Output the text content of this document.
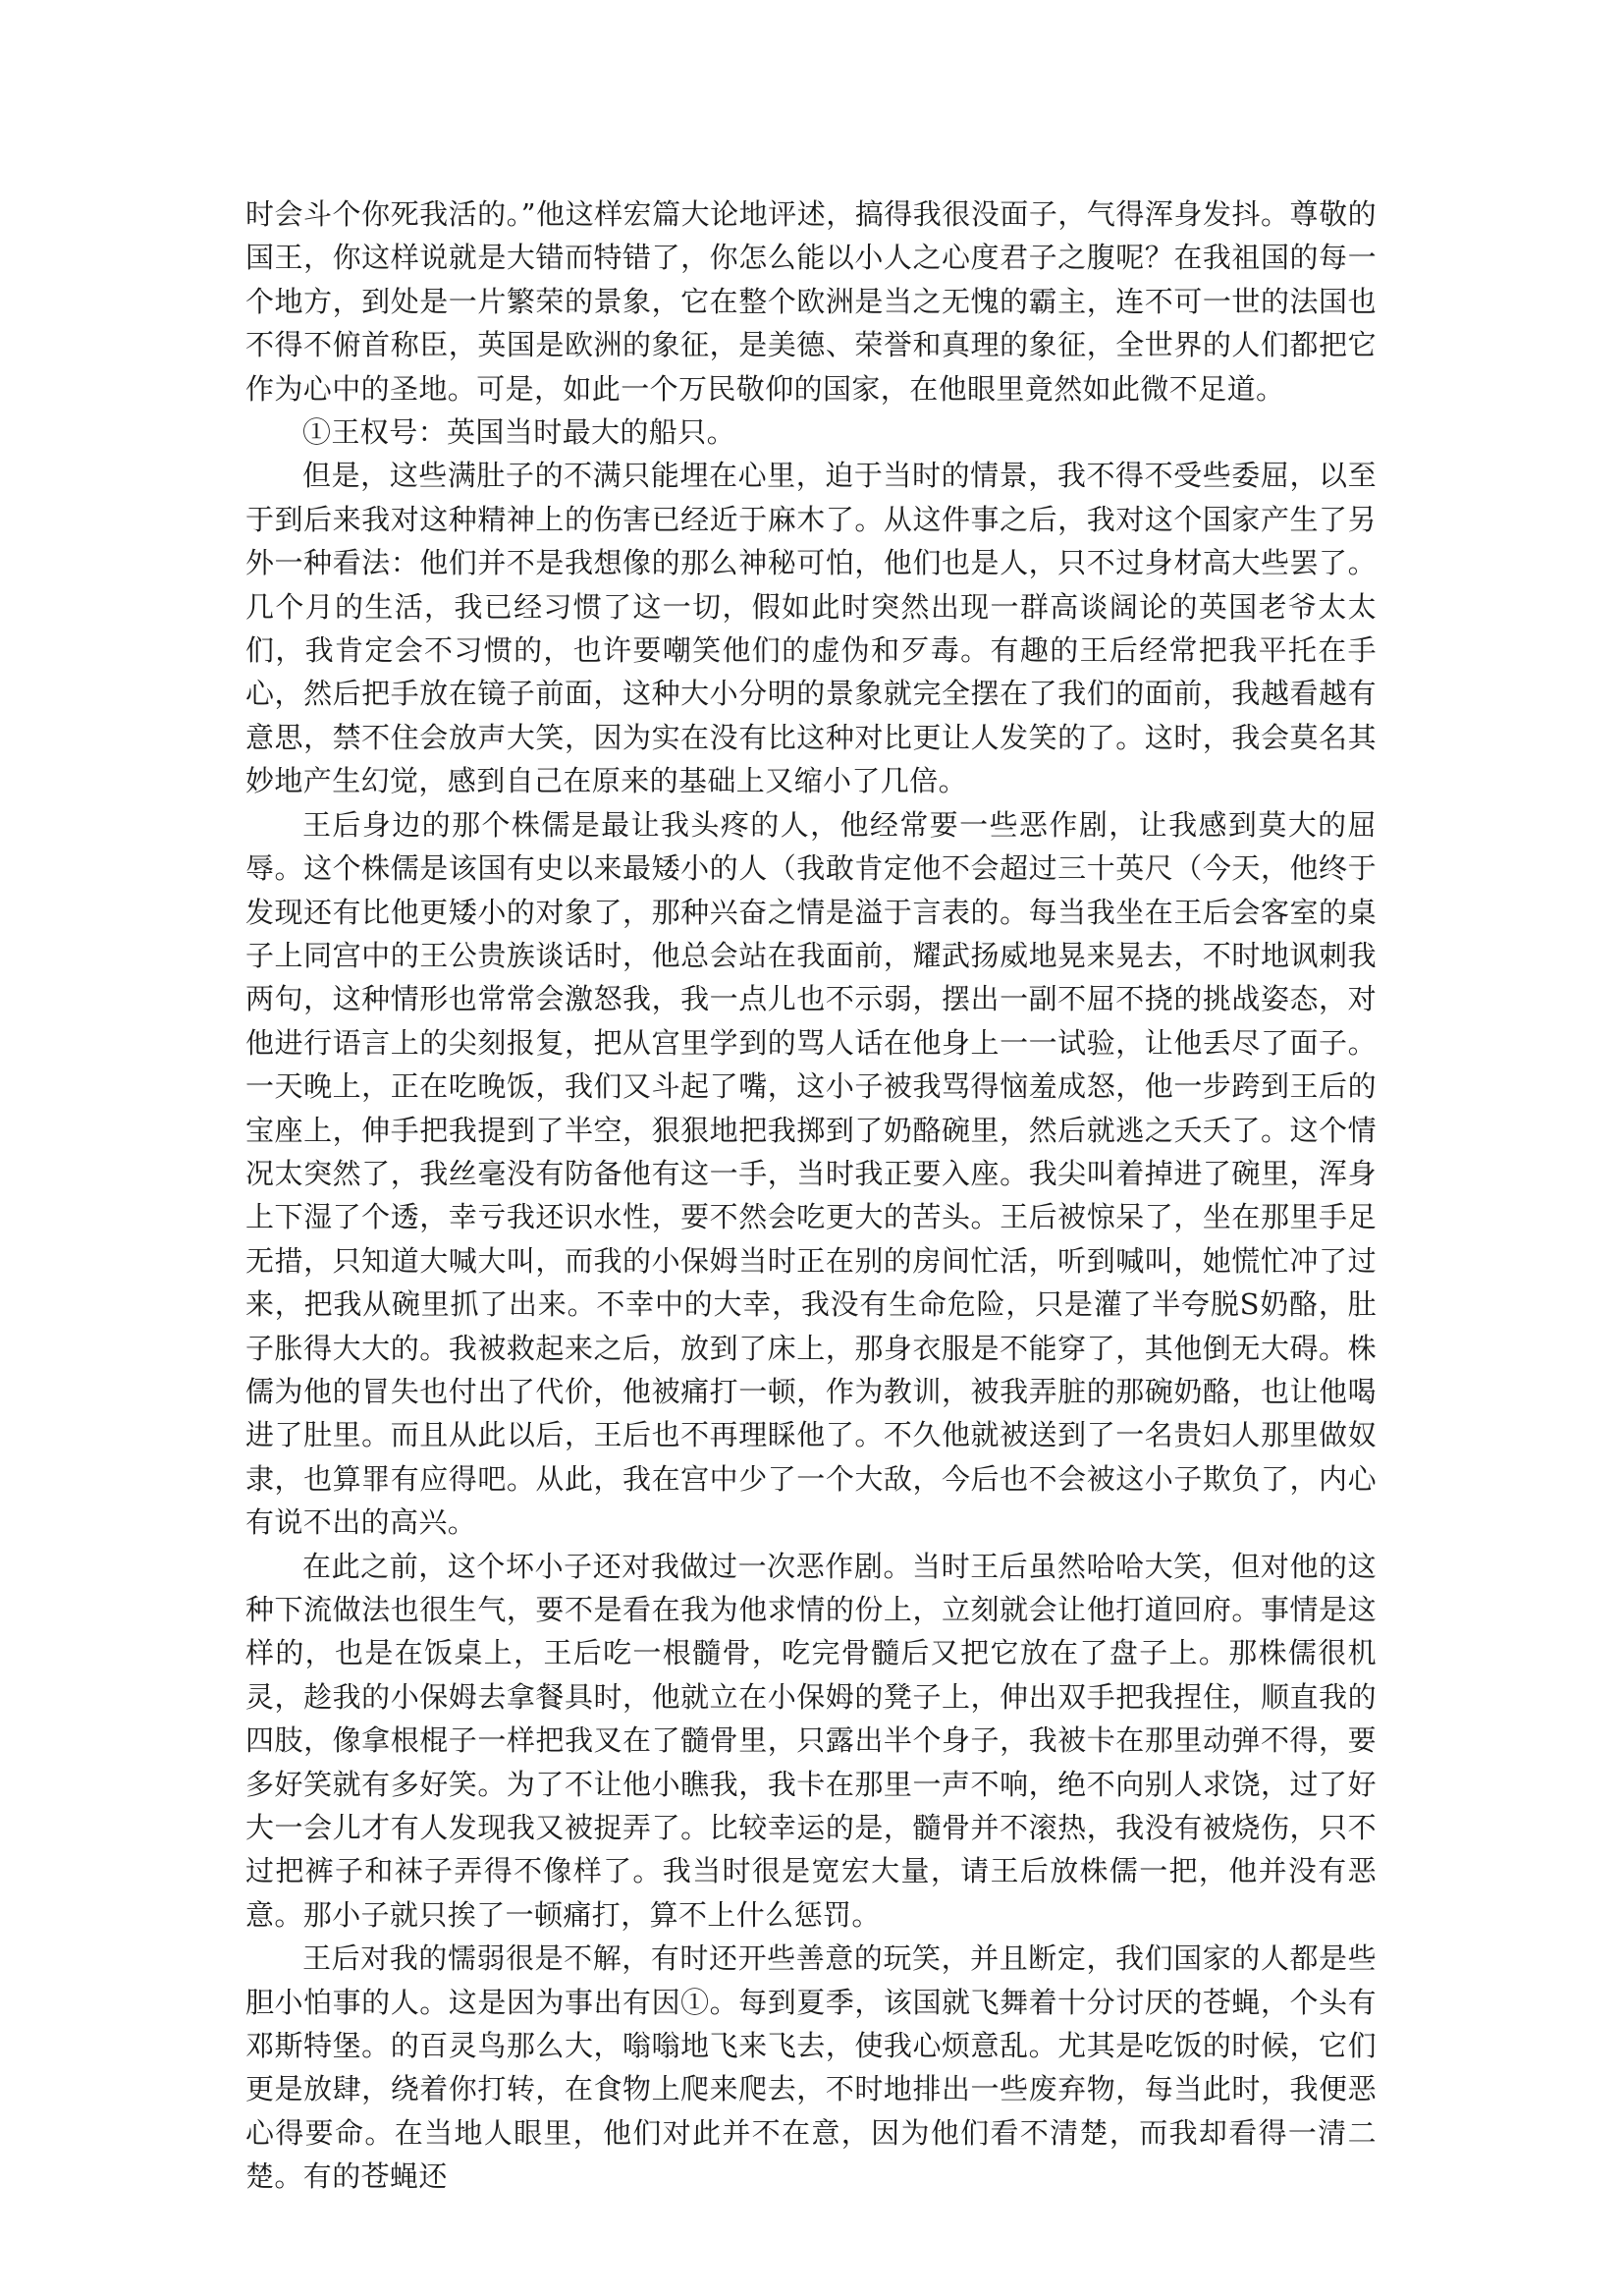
时会斗个你死我活的。”他这样宏篇大论地评述，搞得我很没面子，气得浑身发抖。尊敬的国王，你这样说就是大错而特错了，你怎么能以小人之心度君子之腹呢？在我祖国的每一个地方，到处是一片繁荣的景象，它在整个欧洲是当之无愧的霸主，连不可一世的法国也不得不俯首称臣，英国是欧洲的象征，是美德、荣誉和真理的象征，全世界的人们都把它作为心中的圣地。可是，如此一个万民敬仰的国家，在他眼里竟然如此微不足道。

①王权号：英国当时最大的船只。

但是，这些满肚子的不满只能埋在心里，迫于当时的情景，我不得不受些委屈，以至于到后来我对这种精神上的伤害已经近于麻木了。从这件事之后，我对这个国家产生了另外一种看法：他们并不是我想像的那么神秘可怕，他们也是人，只不过身材高大些罢了。几个月的生活，我已经习惯了这一切，假如此时突然出现一群高谈阔论的英国老爷太太们，我肯定会不习惯的，也许要嘲笑他们的虚伪和歹毒。有趣的王后经常把我平托在手心，然后把手放在镜子前面，这种大小分明的景象就完全摆在了我们的面前，我越看越有意思，禁不住会放声大笑，因为实在没有比这种对比更让人发笑的了。这时，我会莫名其妙地产生幻觉，感到自己在原来的基础上又缩小了几倍。

王后身边的那个株儒是最让我头疼的人，他经常要一些恶作剧，让我感到莫大的屈辱。这个株儒是该国有史以来最矮小的人（我敢肯定他不会超过三十英尺（今天，他终于发现还有比他更矮小的对象了，那种兴奋之情是溢于言表的。每当我坐在王后会客室的桌子上同宫中的王公贵族谈话时，他总会站在我面前，耀武扬威地晃来晃去，不时地讽刺我两句，这种情形也常常会激怒我，我一点儿也不示弱，摆出一副不屈不挠的挑战姿态，对他进行语言上的尖刻报复，把从宫里学到的骂人话在他身上一一试验，让他丢尽了面子。一天晚上，正在吃晚饭，我们又斗起了嘴，这小子被我骂得恼羞成怒，他一步跨到王后的宝座上，伸手把我提到了半空，狠狠地把我掷到了奶酪碗里，然后就逃之夭夭了。这个情况太突然了，我丝毫没有防备他有这一手，当时我正要入座。我尖叫着掉进了碗里，浑身上下湿了个透，幸亏我还识水性，要不然会吃更大的苦头。王后被惊呆了，坐在那里手足无措，只知道大喊大叫，而我的小保姆当时正在别的房间忙活，听到喊叫，她慌忙冲了过来，把我从碗里抓了出来。不幸中的大幸，我没有生命危险，只是灌了半夸脱S奶酪，肚子胀得大大的。我被救起来之后，放到了床上，那身衣服是不能穿了，其他倒无大碍。株儒为他的冒失也付出了代价，他被痛打一顿，作为教训，被我弄脏的那碗奶酪，也让他喝进了肚里。而且从此以后，王后也不再理睬他了。不久他就被送到了一名贵妇人那里做奴隶，也算罪有应得吧。从此，我在宫中少了一个大敌，今后也不会被这小子欺负了，内心有说不出的高兴。

在此之前，这个坏小子还对我做过一次恶作剧。当时王后虽然哈哈大笑，但对他的这种下流做法也很生气，要不是看在我为他求情的份上，立刻就会让他打道回府。事情是这样的，也是在饭桌上，王后吃一根髓骨，吃完骨髓后又把它放在了盘子上。那株儒很机灵，趁我的小保姆去拿餐具时，他就立在小保姆的凳子上，伸出双手把我捏住，顺直我的四肢，像拿根棍子一样把我叉在了髓骨里，只露出半个身子，我被卡在那里动弹不得，要多好笑就有多好笑。为了不让他小瞧我，我卡在那里一声不响，绝不向别人求饶，过了好大一会儿才有人发现我又被捉弄了。比较幸运的是，髓骨并不滚热，我没有被烧伤，只不过把裤子和袜子弄得不像样了。我当时很是宽宏大量，请王后放株儒一把，他并没有恶意。那小子就只挨了一顿痛打，算不上什么惩罚。

王后对我的懦弱很是不解，有时还开些善意的玩笑，并且断定，我们国家的人都是些胆小怕事的人。这是因为事出有因①。每到夏季，该国就飞舞着十分讨厌的苍蝇，个头有邓斯特堡。的百灵鸟那么大，嗡嗡地飞来飞去，使我心烦意乱。尤其是吃饭的时候，它们更是放肆，绕着你打转，在食物上爬来爬去，不时地排出一些废弃物，每当此时，我便恶心得要命。在当地人眼里，他们对此并不在意，因为他们看不清楚，而我却看得一清二楚。有的苍蝇还
